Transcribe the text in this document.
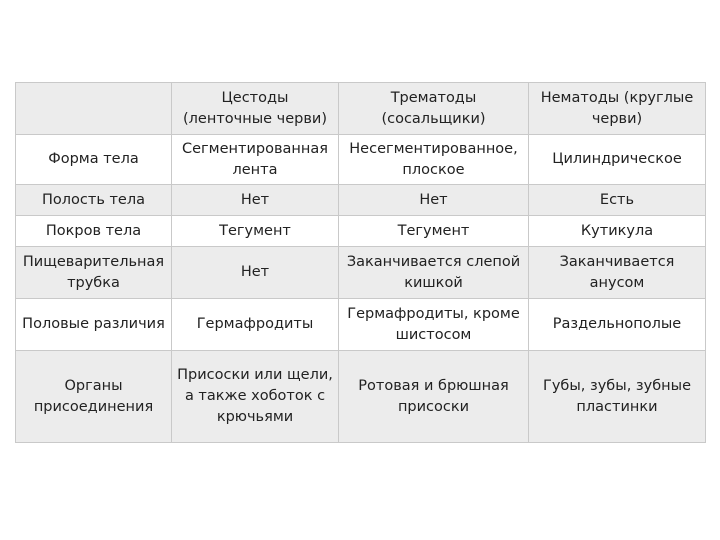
	Цестоды (ленточные черви)	Трематоды (сосальщики)	Нематоды (круглые черви)
Форма тела	Сегментированная лента	Несегментированное, плоское	Цилиндрическое
Полость тела	Нет	Нет	Есть
Покров тела	Тегумент	Тегумент	Кутикула
Пищеварительная трубка	Нет	Заканчивается слепой кишкой	Заканчивается анусом
Половые различия	Гермафродиты	Гермафродиты, кроме шистосом	Раздельнополые
Органы присоединения	Присоски или щели, а также хоботок с крючьями	Ротовая и брюшная присоски	Губы, зубы, зубные пластинки
